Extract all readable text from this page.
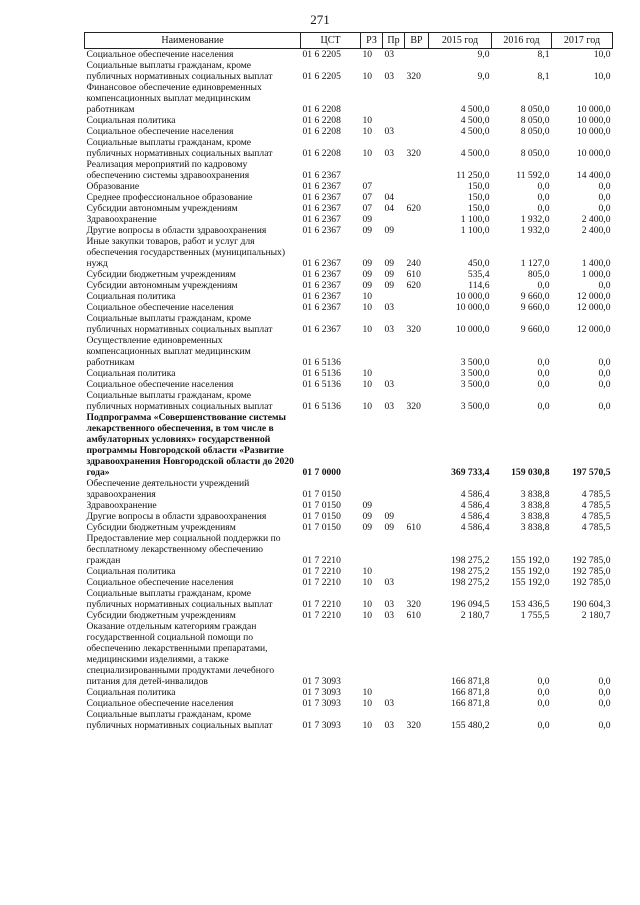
271
Наименование	ЦСТ	РЗ	Пр	ВР	2015 год	2016 год	2017 год
Социальное обеспечение населения	01 6 2205	10	03		9,0	8,1	10,0
Социальные выплаты гражданам, кроме публичных нормативных социальных выплат	01 6 2205	10	03	320	9,0	8,1	10,0
Финансовое обеспечение единовременных компенсационных выплат медицинским работникам	01 6 2208				4 500,0	8 050,0	10 000,0
Социальная политика	01 6 2208	10			4 500,0	8 050,0	10 000,0
Социальное обеспечение населения	01 6 2208	10	03		4 500,0	8 050,0	10 000,0
Социальные выплаты гражданам, кроме публичных нормативных социальных выплат	01 6 2208	10	03	320	4 500,0	8 050,0	10 000,0
Реализация мероприятий по кадровому обеспечению системы здравоохранения	01 6 2367				11 250,0	11 592,0	14 400,0
Образование	01 6 2367	07			150,0	0,0	0,0
Среднее профессиональное образование	01 6 2367	07	04		150,0	0,0	0,0
Субсидии автономным учреждениям	01 6 2367	07	04	620	150,0	0,0	0,0
Здравоохранение	01 6 2367	09			1 100,0	1 932,0	2 400,0
Другие вопросы в области здравоохранения	01 6 2367	09	09		1 100,0	1 932,0	2 400,0
Иные закупки товаров, работ и услуг для обеспечения государственных (муниципальных) нужд	01 6 2367	09	09	240	450,0	1 127,0	1 400,0
Субсидии бюджетным учреждениям	01 6 2367	09	09	610	535,4	805,0	1 000,0
Субсидии автономным учреждениям	01 6 2367	09	09	620	114,6	0,0	0,0
Социальная политика	01 6 2367	10			10 000,0	9 660,0	12 000,0
Социальное обеспечение населения	01 6 2367	10	03		10 000,0	9 660,0	12 000,0
Социальные выплаты гражданам, кроме публичных нормативных социальных выплат	01 6 2367	10	03	320	10 000,0	9 660,0	12 000,0
Осуществление единовременных компенсационных выплат медицинским работникам	01 6 5136				3 500,0	0,0	0,0
Социальная политика	01 6 5136	10			3 500,0	0,0	0,0
Социальное обеспечение населения	01 6 5136	10	03		3 500,0	0,0	0,0
Социальные выплаты гражданам, кроме публичных нормативных социальных выплат	01 6 5136	10	03	320	3 500,0	0,0	0,0
Подпрограмма «Совершенствование системы лекарственного обеспечения, в том числе в амбулаторных условиях» государственной программы Новгородской области «Развитие здравоохранения Новгородской области до 2020 года»	01 7 0000				369 733,4	159 030,8	197 570,5
Обеспечение деятельности учреждений здравоохранения	01 7 0150				4 586,4	3 838,8	4 785,5
Здравоохранение	01 7 0150	09			4 586,4	3 838,8	4 785,5
Другие вопросы в области здравоохранения	01 7 0150	09	09		4 586,4	3 838,8	4 785,5
Субсидии бюджетным учреждениям	01 7 0150	09	09	610	4 586,4	3 838,8	4 785,5
Предоставление мер социальной поддержки по бесплатному лекарственному обеспечению граждан	01 7 2210				198 275,2	155 192,0	192 785,0
Социальная политика	01 7 2210	10			198 275,2	155 192,0	192 785,0
Социальное обеспечение населения	01 7 2210	10	03		198 275,2	155 192,0	192 785,0
Социальные выплаты гражданам, кроме публичных нормативных социальных выплат	01 7 2210	10	03	320	196 094,5	153 436,5	190 604,3
Субсидии бюджетным учреждениям	01 7 2210	10	03	610	2 180,7	1 755,5	2 180,7
Оказание отдельным категориям граждан государственной социальной помощи по обеспечению лекарственными препаратами, медицинскими изделиями, а также специализированными продуктами лечебного питания для детей-инвалидов	01 7 3093				166 871,8	0,0	0,0
Социальная политика	01 7 3093	10			166 871,8	0,0	0,0
Социальное обеспечение населения	01 7 3093	10	03		166 871,8	0,0	0,0
Социальные выплаты гражданам, кроме публичных нормативных социальных выплат	01 7 3093	10	03	320	155 480,2	0,0	0,0
